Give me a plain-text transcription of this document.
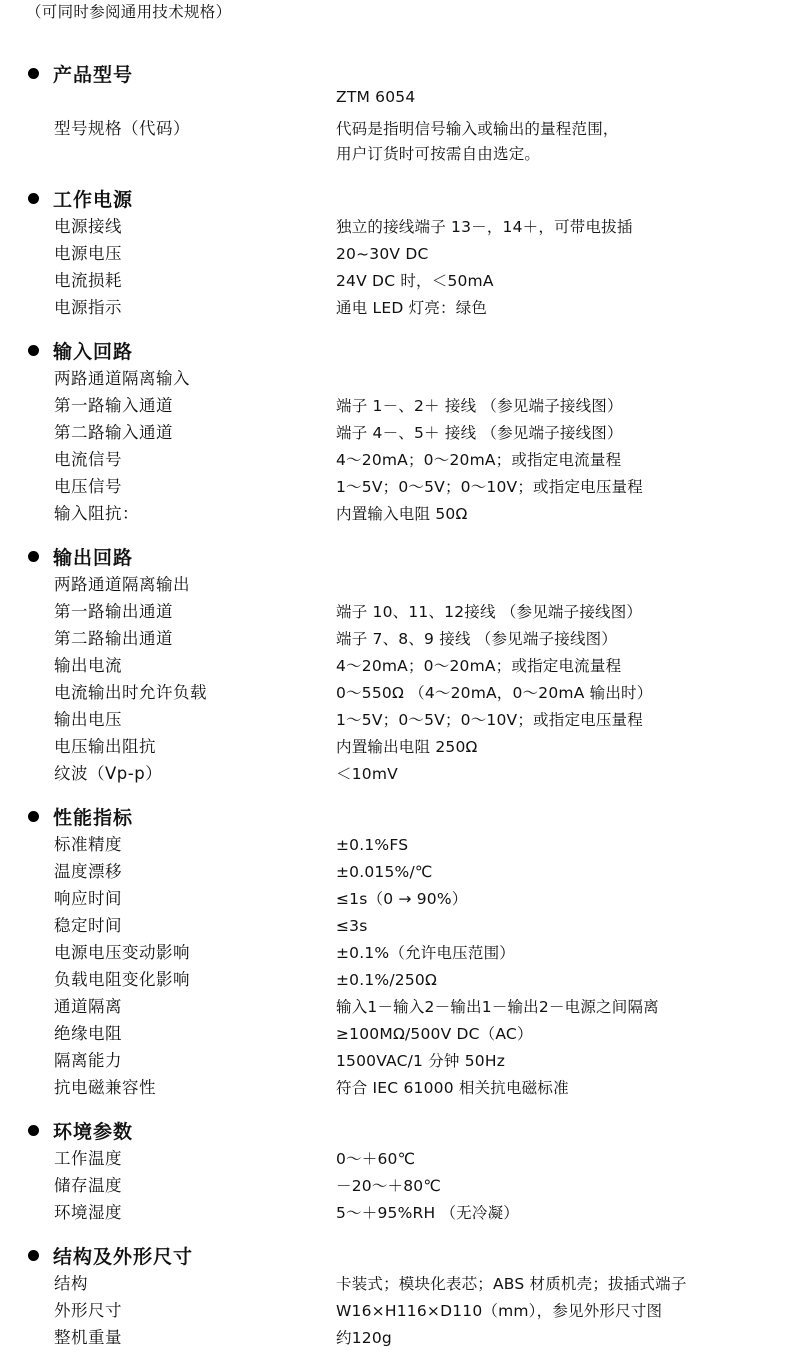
（可同时参阅通用技术规格）
产品型号
ZTM 6054
型号规格（代码）	代码是指明信号输入或输出的量程范围，
用户订货时可按需自由选定。
工作电源
电源接线	独立的接线端子 13－，14＋，可带电拔插
电源电压	20~30V DC
电流损耗	24V DC 时，＜50mA
电源指示	通电 LED 灯亮：绿色
输入回路
两路通道隔离输入
第一路输入通道	端子 1－、2＋ 接线 （参见端子接线图）
第二路输入通道	端子 4－、5＋ 接线 （参见端子接线图）
电流信号	4～20mA；0～20mA；或指定电流量程
电压信号	1～5V；0～5V；0～10V；或指定电压量程
输入阻抗：	内置输入电阻 50Ω
输出回路
两路通道隔离输出
第一路输出通道	端子 10、11、12接线 （参见端子接线图）
第二路输出通道	端子 7、8、9 接线 （参见端子接线图）
输出电流	4～20mA；0～20mA；或指定电流量程
电流输出时允许负载	0～550Ω （4～20mA，0～20mA 输出时）
输出电压	1～5V；0～5V；0～10V；或指定电压量程
电压输出阻抗	内置输出电阻 250Ω
纹波（Vp-p）	＜10mV
性能指标
标准精度	±0.1%FS
温度漂移	±0.015%/℃
响应时间	≤1s（0 → 90%）
稳定时间	≤3s
电源电压变动影响	±0.1%（允许电压范围）
负载电阻变化影响	±0.1%/250Ω
通道隔离	输入1－输入2－输出1－输出2－电源之间隔离
绝缘电阻	≥100MΩ/500V DC（AC）
隔离能力	1500VAC/1 分钟 50Hz
抗电磁兼容性	符合 IEC 61000 相关抗电磁标准
环境参数
工作温度	0～＋60℃
储存温度	－20～＋80℃
环境湿度	5～＋95%RH （无冷凝）
结构及外形尺寸
结构	卡装式；模块化表芯；ABS 材质机壳；拔插式端子
外形尺寸	W16×H116×D110（mm），参见外形尺寸图
整机重量	约120g
